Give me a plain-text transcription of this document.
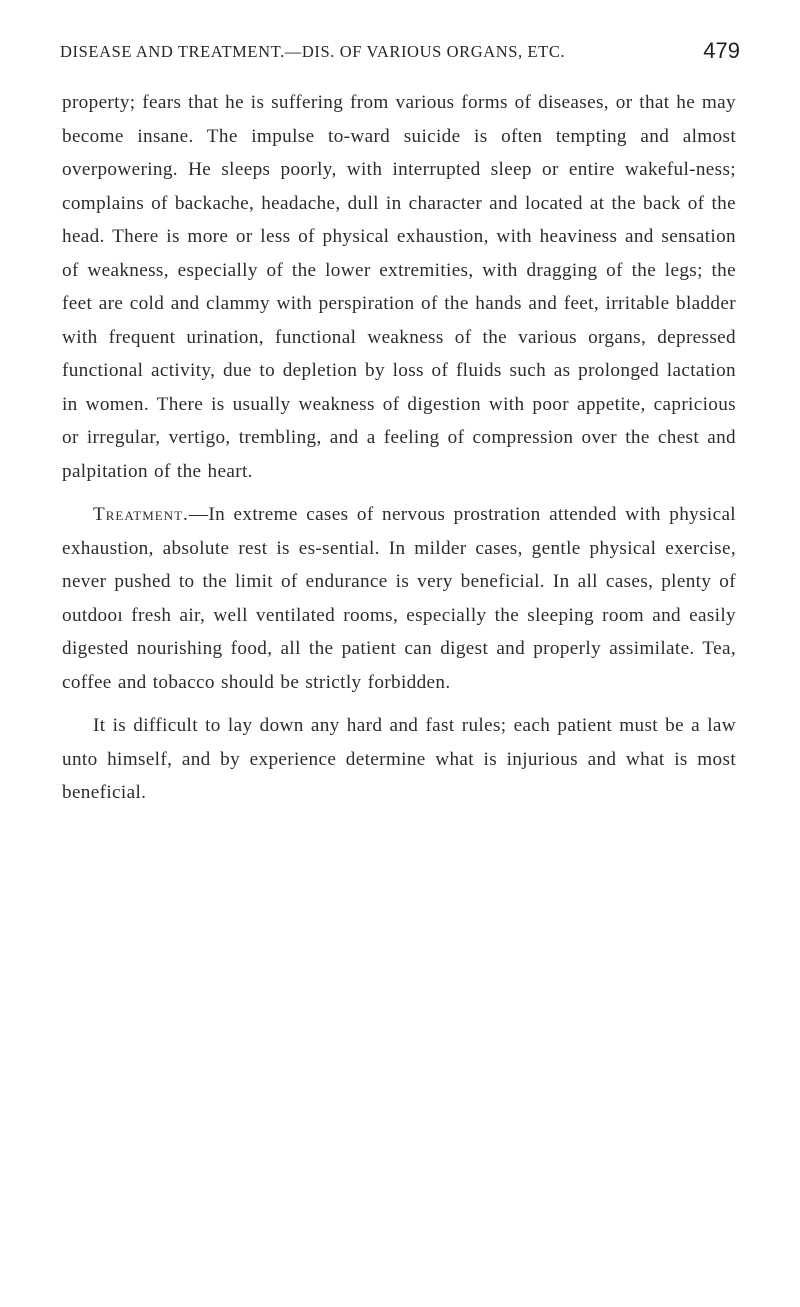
DISEASE AND TREATMENT.—DIS. OF VARIOUS ORGANS, ETC.	479

property; fears that he is suffering from various forms of diseases, or that he may become insane. The impulse to-ward suicide is often tempting and almost overpowering. He sleeps poorly, with interrupted sleep or entire wakeful-ness; complains of backache, headache, dull in character and located at the back of the head. There is more or less of physical exhaustion, with heaviness and sensation of weakness, especially of the lower extremities, with dragging of the legs; the feet are cold and clammy with perspiration of the hands and feet, irritable bladder with frequent urination, functional weakness of the various organs, depressed functional activity, due to depletion by loss of fluids such as prolonged lactation in women. There is usually weakness of digestion with poor appetite, capricious or irregular, vertigo, trembling, and a feeling of compression over the chest and palpitation of the heart.

Treatment.—In extreme cases of nervous prostration attended with physical exhaustion, absolute rest is es-sential. In milder cases, gentle physical exercise, never pushed to the limit of endurance is very beneficial. In all cases, plenty of outdooı fresh air, well ventilated rooms, especially the sleeping room and easily digested nourishing food, all the patient can digest and properly assimilate. Tea, coffee and tobacco should be strictly forbidden.

It is difficult to lay down any hard and fast rules; each patient must be a law unto himself, and by experience determine what is injurious and what is most beneficial.
